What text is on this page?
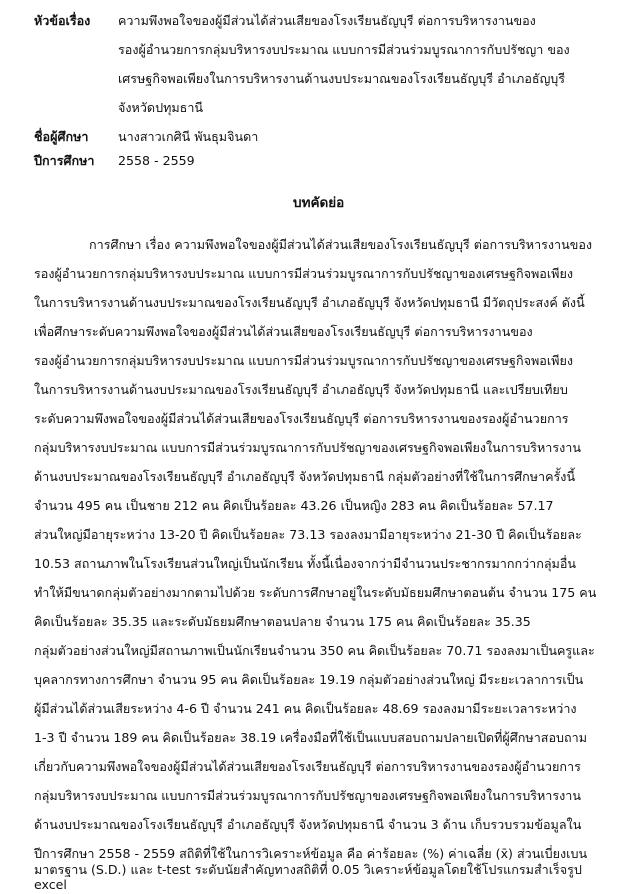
หัวข้อเรื่อง ความพึงพอใจของผู้มีส่วนได้ส่วนเสียของโรงเรียนธัญบุรี ต่อการบริหารงานของ
รองผู้อำนวยการกลุ่มบริหารงบประมาณ แบบการมีส่วนร่วมบูรณาการกับปรัชญา ของ
เศรษฐกิจพอเพียงในการบริหารงานด้านงบประมาณของโรงเรียนธัญบุรี อำเภอธัญบุรี
จังหวัดปทุมธานี
ชื่อผู้ศึกษา นางสาวเกศินี พันธุมจินดา
ปีการศึกษา 2558 - 2559
บทคัดย่อ
การศึกษา เรื่อง ความพึงพอใจของผู้มีส่วนได้ส่วนเสียของโรงเรียนธัญบุรี ต่อการบริหารงานของ
รองผู้อำนวยการกลุ่มบริหารงบประมาณ แบบการมีส่วนร่วมบูรณาการกับปรัชญาของเศรษฐกิจพอเพียง
ในการบริหารงานด้านงบประมาณของโรงเรียนธัญบุรี อำเภอธัญบุรี จังหวัดปทุมธานี มีวัตถุประสงค์ ดังนี้
เพื่อศึกษาระดับความพึงพอใจของผู้มีส่วนได้ส่วนเสียของโรงเรียนธัญบุรี ต่อการบริหารงานของ
รองผู้อำนวยการกลุ่มบริหารงบประมาณ แบบการมีส่วนร่วมบูรณาการกับปรัชญาของเศรษฐกิจพอเพียง
ในการบริหารงานด้านงบประมาณของโรงเรียนธัญบุรี อำเภอธัญบุรี จังหวัดปทุมธานี และเปรียบเทียบ
ระดับความพึงพอใจของผู้มีส่วนได้ส่วนเสียของโรงเรียนธัญบุรี ต่อการบริหารงานของรองผู้อำนวยการ
กลุ่มบริหารงบประมาณ แบบการมีส่วนร่วมบูรณาการกับปรัชญาของเศรษฐกิจพอเพียงในการบริหารงาน
ด้านงบประมาณของโรงเรียนธัญบุรี อำเภอธัญบุรี จังหวัดปทุมธานี กลุ่มตัวอย่างที่ใช้ในการศึกษาครั้งนี้
จำนวน 495 คน เป็นชาย 212 คน คิดเป็นร้อยละ 43.26 เป็นหญิง 283 คน คิดเป็นร้อยละ 57.17
ส่วนใหญ่มีอายุระหว่าง 13-20 ปี คิดเป็นร้อยละ 73.13 รองลงมามีอายุระหว่าง 21-30 ปี คิดเป็นร้อยละ
10.53 สถานภาพในโรงเรียนส่วนใหญ่เป็นนักเรียน ทั้งนี้เนื่องจากว่ามีจำนวนประชากรมากกว่ากลุ่มอื่น
ทำให้มีขนาดกลุ่มตัวอย่างมากตามไปด้วย ระดับการศึกษาอยู่ในระดับมัธยมศึกษาตอนต้น จำนวน 175 คน
คิดเป็นร้อยละ 35.35 และระดับมัธยมศึกษาตอนปลาย จำนวน 175 คน คิดเป็นร้อยละ 35.35
กลุ่มตัวอย่างส่วนใหญ่มีสถานภาพเป็นนักเรียนจำนวน 350 คน คิดเป็นร้อยละ 70.71 รองลงมาเป็นครูและ
บุคลากรทางการศึกษา จำนวน 95 คน คิดเป็นร้อยละ 19.19 กลุ่มตัวอย่างส่วนใหญ่ มีระยะเวลาการเป็น
ผู้มีส่วนได้ส่วนเสียระหว่าง 4-6 ปี จำนวน 241 คน คิดเป็นร้อยละ 48.69 รองลงมามีระยะเวลาระหว่าง
1-3 ปี จำนวน 189 คน คิดเป็นร้อยละ 38.19 เครื่องมือที่ใช้เป็นแบบสอบถามปลายเปิดที่ผู้ศึกษาสอบถาม
เกี่ยวกับความพึงพอใจของผู้มีส่วนได้ส่วนเสียของโรงเรียนธัญบุรี ต่อการบริหารงานของรองผู้อำนวยการ
กลุ่มบริหารงบประมาณ แบบการมีส่วนร่วมบูรณาการกับปรัชญาของเศรษฐกิจพอเพียงในการบริหารงาน
ด้านงบประมาณของโรงเรียนธัญบุรี อำเภอธัญบุรี จังหวัดปทุมธานี จำนวน 3 ด้าน เก็บรวบรวมข้อมูลใน
ปีการศึกษา 2558 - 2559 สถิติที่ใช้ในการวิเคราะห์ข้อมูล คือ ค่าร้อยละ (%) ค่าเฉลี่ย (x̄) ส่วนเบี่ยงเบน
มาตรฐาน (S.D.) และ t-test ระดับนัยสำคัญทางสถิติที่ 0.05 วิเคราะห์ข้อมูลโดยใช้โปรแกรมสำเร็จรูป
excel
